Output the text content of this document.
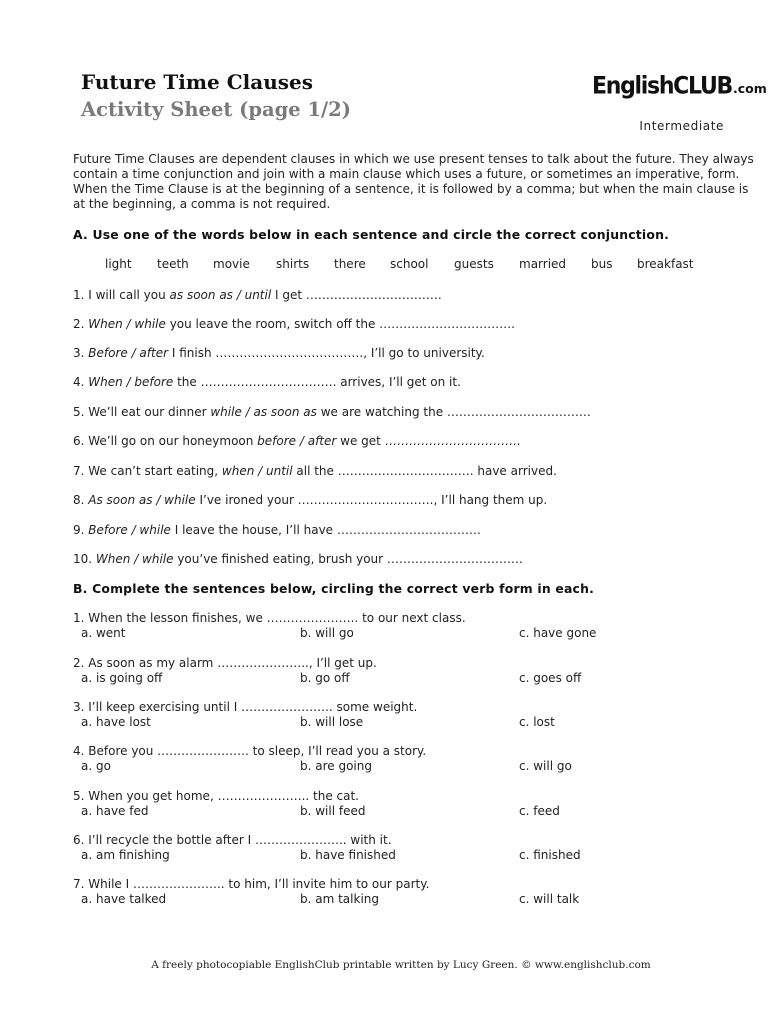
Future Time Clauses
Activity Sheet (page 1/2)
EnglishCLUB.com
Intermediate
Future Time Clauses are dependent clauses in which we use present tenses to talk about the future. They always contain a time conjunction and join with a main clause which uses a future, or sometimes an imperative, form. When the Time Clause is at the beginning of a sentence, it is followed by a comma; but when the main clause is at the beginning, a comma is not required.
A. Use one of the words below in each sentence and circle the correct conjunction.
light teeth movie shirts there school guests married bus breakfast
1. I will call you as soon as / until I get …………………………….
2. When / while you leave the room, switch off the …………………………….
3. Before / after I finish ………………………………., I’ll go to university.
4. When / before the ……………………………. arrives, I’ll get on it.
5. We’ll eat our dinner while / as soon as we are watching the ………………………………
6. We’ll go on our honeymoon before / after we get …………………………….
7. We can’t start eating, when / until all the ……………………………. have arrived.
8. As soon as / while I’ve ironed your ……………………………., I’ll hang them up.
9. Before / while I leave the house, I’ll have ………………………………
10. When / while you’ve finished eating, brush your …………………………….
B. Complete the sentences below, circling the correct verb form in each.
1. When the lesson finishes, we ………………….. to our next class.
a. went	b. will go	c. have gone
2. As soon as my alarm ………………….., I’ll get up.
a. is going off	b. go off	c. goes off
3. I’ll keep exercising until I ………………….. some weight.
a. have lost	b. will lose	c. lost
4. Before you ………………….. to sleep, I’ll read you a story.
a. go	b. are going	c. will go
5. When you get home, ………………….. the cat.
a. have fed	b. will feed	c. feed
6. I’ll recycle the bottle after I ………………….. with it.
a. am finishing	b. have finished	c. finished
7. While I ………………….. to him, I’ll invite him to our party.
a. have talked	b. am talking	c. will talk
A freely photocopiable EnglishClub printable written by Lucy Green. © www.englishclub.com
